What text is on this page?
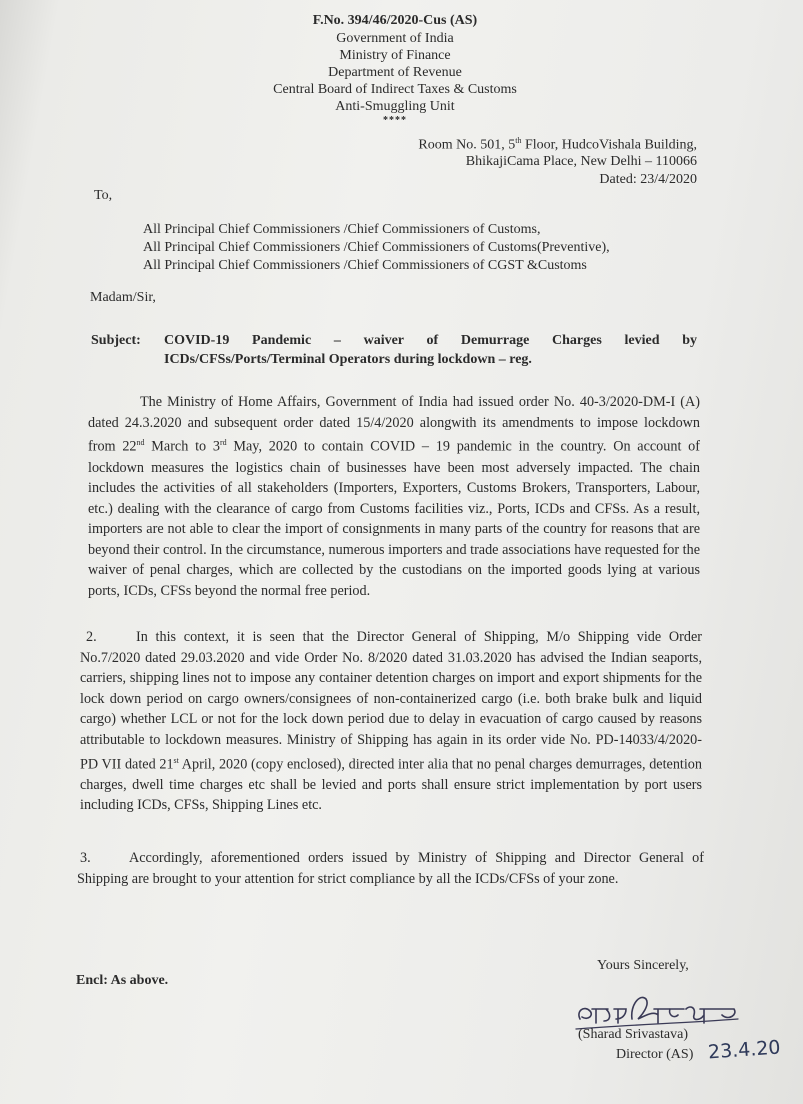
F.No. 394/46/2020-Cus (AS)
Government of India
Ministry of Finance
Department of Revenue
Central Board of Indirect Taxes & Customs
Anti-Smuggling Unit
****
Room No. 501, 5th Floor, HudcoVishala Building,
BhikajiCama Place, New Delhi – 110066
Dated: 23/4/2020
To,
All Principal Chief Commissioners /Chief Commissioners of Customs,
All Principal Chief Commissioners /Chief Commissioners of Customs(Preventive),
All Principal Chief Commissioners /Chief Commissioners of CGST &Customs
Madam/Sir,
Subject: COVID-19 Pandemic – waiver of Demurrage Charges levied by
ICDs/CFSs/Ports/Terminal Operators during lockdown – reg.
The Ministry of Home Affairs, Government of India had issued order No. 40-3/2020-DM-I (A) dated 24.3.2020 and subsequent order dated 15/4/2020 alongwith its amendments to impose lockdown from 22nd March to 3rd May, 2020 to contain COVID – 19 pandemic in the country. On account of lockdown measures the logistics chain of businesses have been most adversely impacted. The chain includes the activities of all stakeholders (Importers, Exporters, Customs Brokers, Transporters, Labour, etc.) dealing with the clearance of cargo from Customs facilities viz., Ports, ICDs and CFSs. As a result, importers are not able to clear the import of consignments in many parts of the country for reasons that are beyond their control. In the circumstance, numerous importers and trade associations have requested for the waiver of penal charges, which are collected by the custodians on the imported goods lying at various ports, ICDs, CFSs beyond the normal free period.
2.	In this context, it is seen that the Director General of Shipping, M/o Shipping vide Order No.7/2020 dated 29.03.2020 and vide Order No. 8/2020 dated 31.03.2020 has advised the Indian seaports, carriers, shipping lines not to impose any container detention charges on import and export shipments for the lock down period on cargo owners/consignees of non-containerized cargo (i.e. both brake bulk and liquid cargo) whether LCL or not for the lock down period due to delay in evacuation of cargo caused by reasons attributable to lockdown measures. Ministry of Shipping has again in its order vide No. PD-14033/4/2020-PD VII dated 21st April, 2020 (copy enclosed), directed inter alia that no penal charges demurrages, detention charges, dwell time charges etc shall be levied and ports shall ensure strict implementation by port users including ICDs, CFSs, Shipping Lines etc.
3.	Accordingly, aforementioned orders issued by Ministry of Shipping and Director General of Shipping are brought to your attention for strict compliance by all the ICDs/CFSs of your zone.
Yours Sincerely,
Encl: As above.
(Sharad Srivastava)
Director (AS) 23.4.20
